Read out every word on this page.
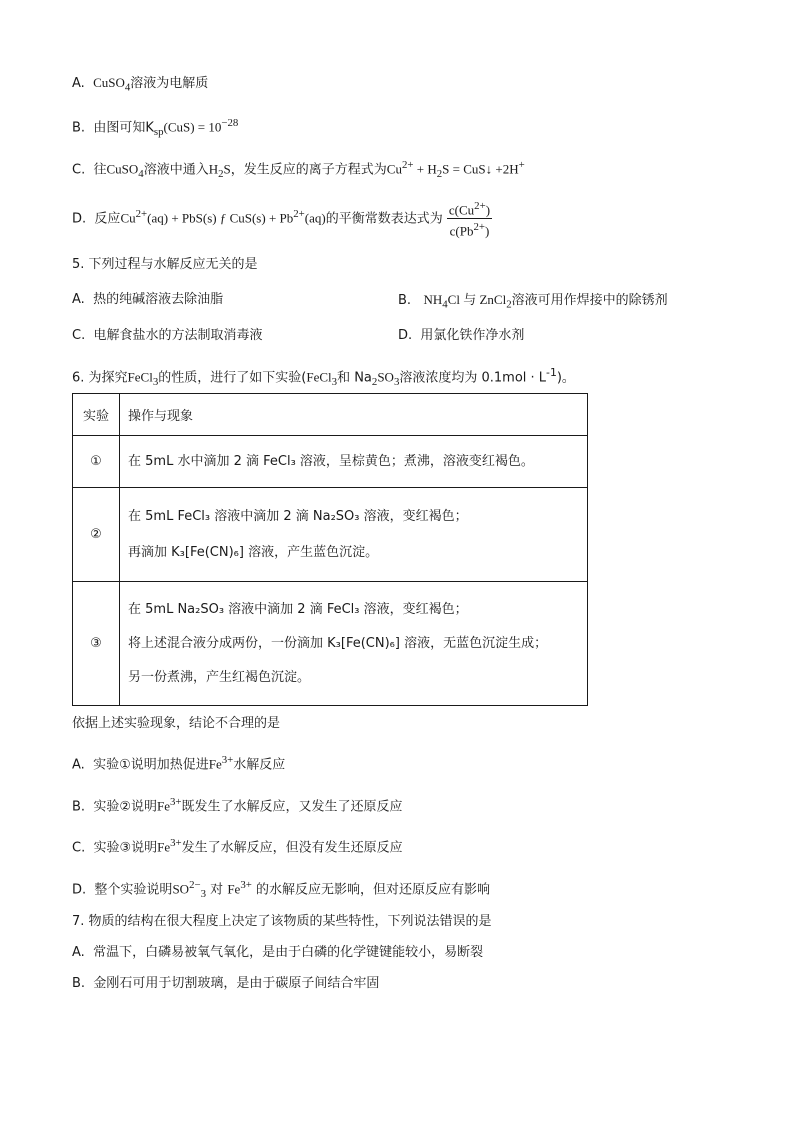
A. CuSO$_4$溶液为电解质
B. 由图可知$K_{sp}(CuS) = 10^{-28}$
C. 往CuSO$_4$溶液中通入$H_2S$，发生反应的离子方程式为$Cu^{2+} + H_2S$ = CuS↓ +2H+
D. 反应$Cu^{2+}(aq) + PbS(s)$ ƒ $CuS(s) + Pb^{2+}(aq)$的平衡常数表达式为 $\frac{c(Cu^{2+})}{c(Pb^{2+})}$
5. 下列过程与水解反应无关的是
A. 热的纯碱溶液去除油脂	B. $NH_4Cl$ 与 ZnCl$_2$溶液可用作焊接中的除锈剂
C. 电解食盐水的方法制取消毒液	D. 用氯化铁作净水剂
6. 为探究FeCl$_3$的性质，进行了如下实验(FeCl$_3$和 $Na_2SO_3$溶液浓度均为 $0.1mol \cdot L^{-1}$)。
实验	操作与现象
①	在 5mL 水中滴加 2 滴 FeCl₃ 溶液，呈棕黄色；煮沸，溶液变红褐色。

②	在 5mL FeCl₃ 溶液中滴加 2 滴 Na₂SO₃ 溶液，变红褐色；
再滴加 K₃[Fe(CN)₆] 溶液，产生蓝色沉淀。

③	在 5mL Na₂SO₃ 溶液中滴加 2 滴 FeCl₃ 溶液，变红褐色；
将上述混合液分成两份，一份滴加 K₃[Fe(CN)₆] 溶液，无蓝色沉淀生成；
另一份煮沸，产生红褐色沉淀。
依据上述实验现象，结论不合理的是
A. 实验①说明加热促进$Fe^{3+}$水解反应
B. 实验②说明$Fe^{3+}$既发生了水解反应，又发生了还原反应
C. 实验③说明$Fe^{3+}$发生了水解反应，但没有发生还原反应
D. 整个实验说明$SO^{2-}_3$ 对 $Fe^{3+}$ 的水解反应无影响，但对还原反应有影响
7. 物质的结构在很大程度上决定了该物质的某些特性，下列说法错误的是
A. 常温下，白磷易被氧气氧化，是由于白磷的化学键键能较小，易断裂
B. 金刚石可用于切割玻璃，是由于碳原子间结合牢固
